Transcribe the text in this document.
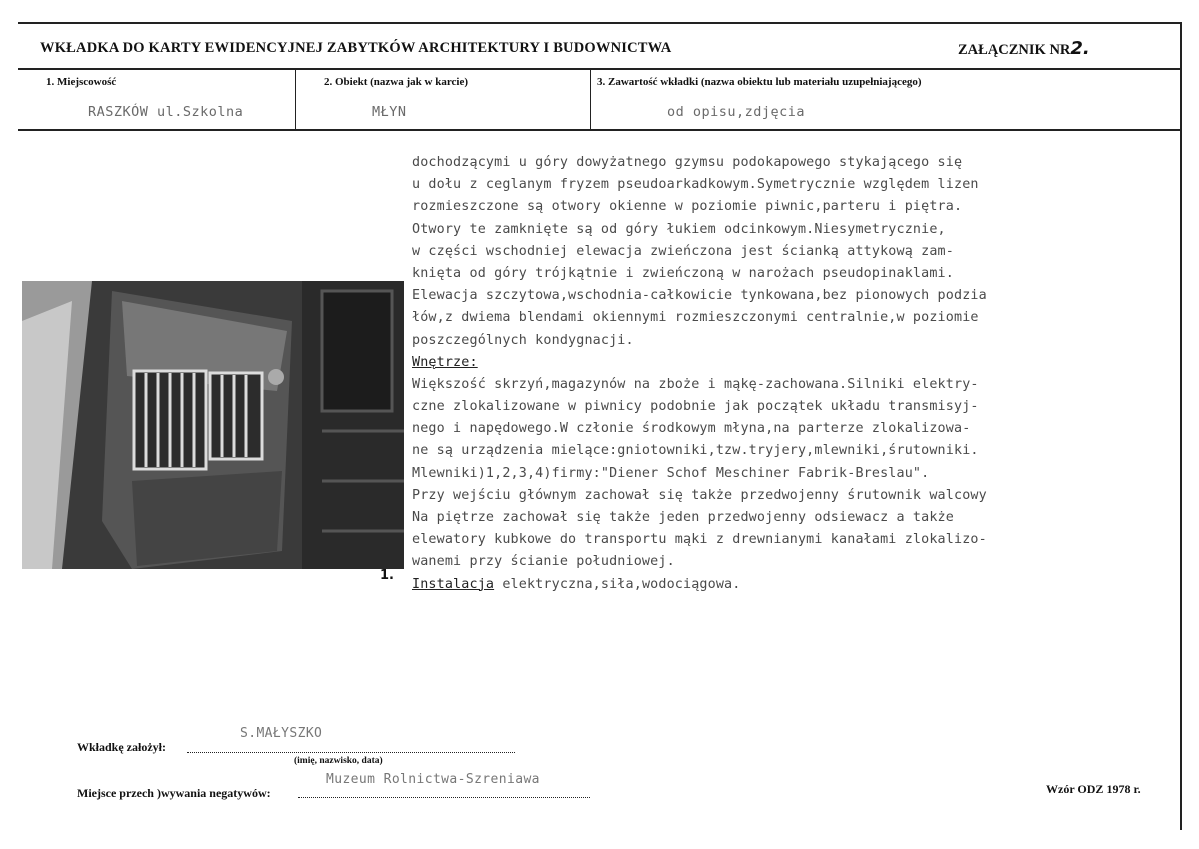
WKŁADKA DO KARTY EWIDENCYJNEJ ZABYTKÓW ARCHITEKTURY I BUDOWNICTWA	ZAŁĄCZNIK NR2.
1. Miejscowość
RASZKÓW ul.Szkolna
2. Obiekt (nazwa jak w karcie)
MŁYN
3. Zawartość wkładki (nazwa obiektu lub materiału uzupełniającego)
od opisu,zdjęcia
1.
dochodzącymi u góry dowyżatnego gzymsu podokapowego stykającego się
u dołu z ceglanym fryzem pseudoarkadkowym.Symetrycznie względem lizen
rozmieszczone są otwory okienne w poziomie piwnic,parteru i piętra.
Otwory te zamknięte są od góry łukiem odcinkowym.Niesymetrycznie,
w części wschodniej elewacja zwieńczona jest ścianką attykową zam-
knięta od góry trójkątnie i zwieńczoną w narożach pseudopinaklami.
Elewacja szczytowa,wschodnia-całkowicie tynkowana,bez pionowych podzia
łów,z dwiema blendami okiennymi rozmieszczonymi centralnie,w poziomie
poszczególnych kondygnacji.
Wnętrze:
Większość skrzyń,magazynów na zboże i mąkę-zachowana.Silniki elektry-
czne zlokalizowane w piwnicy podobnie jak początek układu transmisyj-
nego i napędowego.W członie środkowym młyna,na parterze zlokalizowa-
ne są urządzenia mielące:gniotowniki,tzw.tryjery,mlewniki,śrutowniki.
Mlewniki)1,2,3,4)firmy:"Diener Schof Meschiner Fabrik-Breslau".
Przy wejściu głównym zachował się także przedwojenny śrutownik walcowy
Na piętrze zachował się także jeden przedwojenny odsiewacz a także
elewatory kubkowe do transportu mąki z drewnianymi kanałami zlokalizo-
wanemi przy ścianie południowej.
Instalacja elektryczna,siła,wodociągowa.
Wkładkę założył:
S.MAŁYSZKO
(imię, nazwisko, data)
Miejsce przech )wywania negatywów:
Muzeum Rolnictwa-Szreniawa
Wzór ODZ 1978 r.
